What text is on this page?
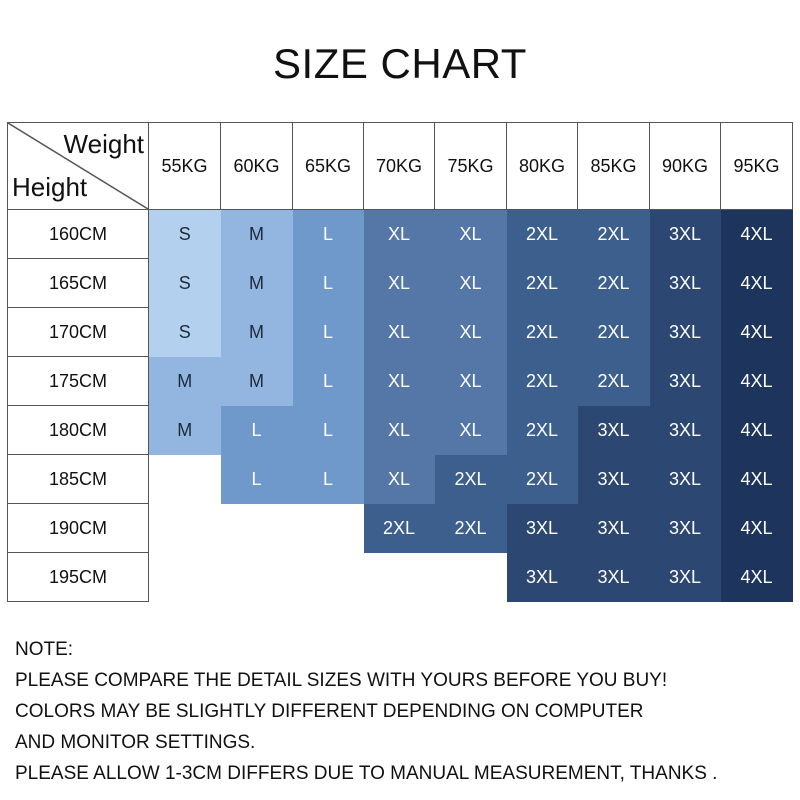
SIZE CHART
Weight
Height	55KG	60KG	65KG	70KG	75KG	80KG	85KG	90KG	95KG
160CM	S	M	L	XL	XL	2XL	2XL	3XL	4XL
165CM	S	M	L	XL	XL	2XL	2XL	3XL	4XL
170CM	S	M	L	XL	XL	2XL	2XL	3XL	4XL
175CM	M	M	L	XL	XL	2XL	2XL	3XL	4XL
180CM	M	L	L	XL	XL	2XL	3XL	3XL	4XL
185CM		L	L	XL	2XL	2XL	3XL	3XL	4XL
190CM				2XL	2XL	3XL	3XL	3XL	4XL
195CM						3XL	3XL	3XL	4XL
NOTE:
PLEASE COMPARE THE DETAIL SIZES WITH YOURS BEFORE YOU BUY!
COLORS MAY BE SLIGHTLY DIFFERENT DEPENDING ON COMPUTER
AND MONITOR SETTINGS.
PLEASE ALLOW 1-3CM DIFFERS DUE TO MANUAL MEASUREMENT, THANKS .
